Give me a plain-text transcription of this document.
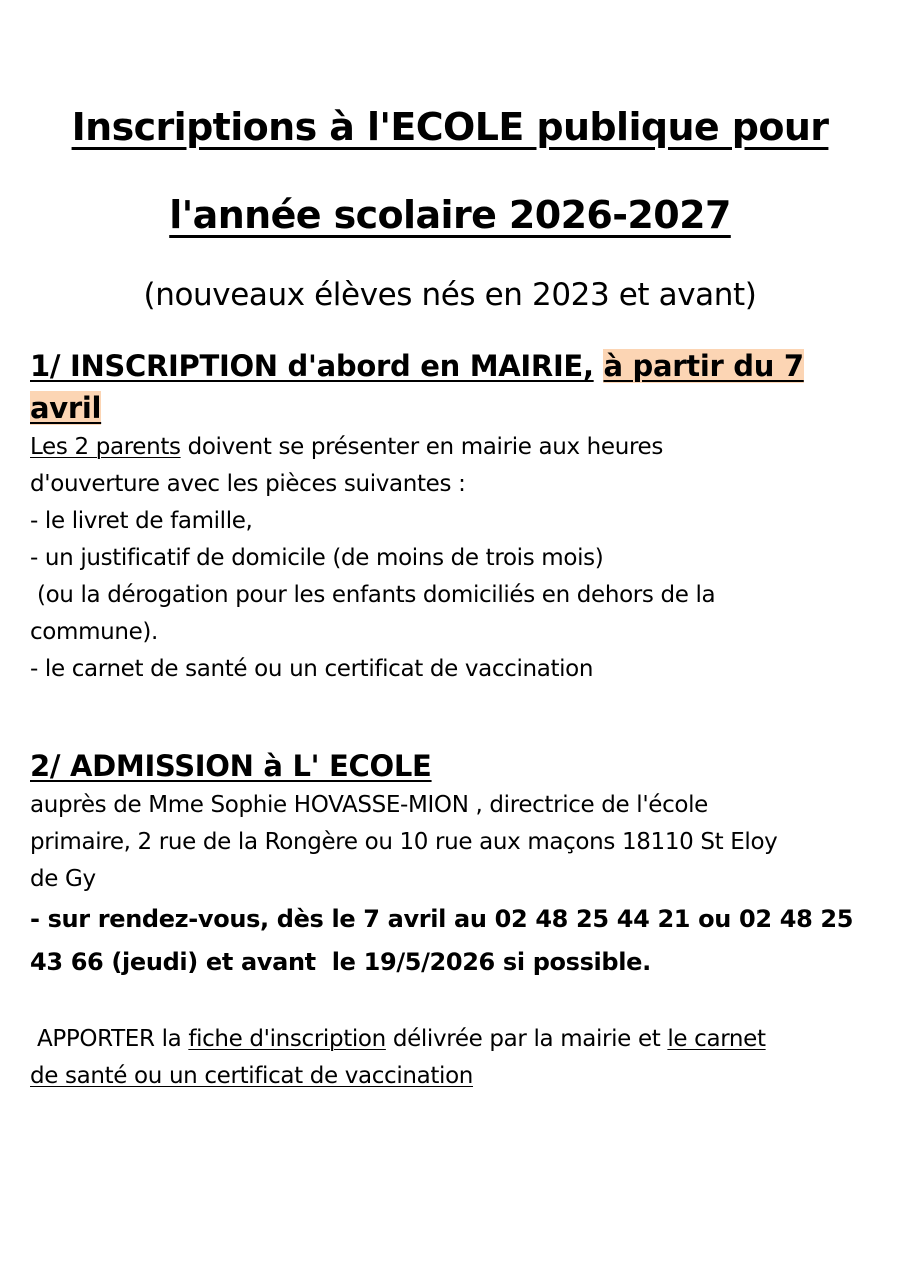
Inscriptions à l'ECOLE publique pour
l'année scolaire 2026-2027

(nouveaux élèves nés en 2023 et avant)

1/ INSCRIPTION d'abord en MAIRIE, à partir du 7
avril

Les 2 parents doivent se présenter en mairie aux heures
d'ouverture avec les pièces suivantes :
- le livret de famille,
- un justificatif de domicile (de moins de trois mois)
(ou la dérogation pour les enfants domiciliés en dehors de la
commune).
- le carnet de santé ou un certificat de vaccination

2/ ADMISSION à L' ECOLE

auprès de Mme Sophie HOVASSE-MION , directrice de l'école
primaire, 2 rue de la Rongère ou 10 rue aux maçons 18110 St Eloy
de Gy

- sur rendez-vous, dès le 7 avril au 02 48 25 44 21 ou 02 48 25
43 66 (jeudi) et avant  le 19/5/2026 si possible.

APPORTER la fiche d'inscription délivrée par la mairie et le carnet
de santé ou un certificat de vaccination
